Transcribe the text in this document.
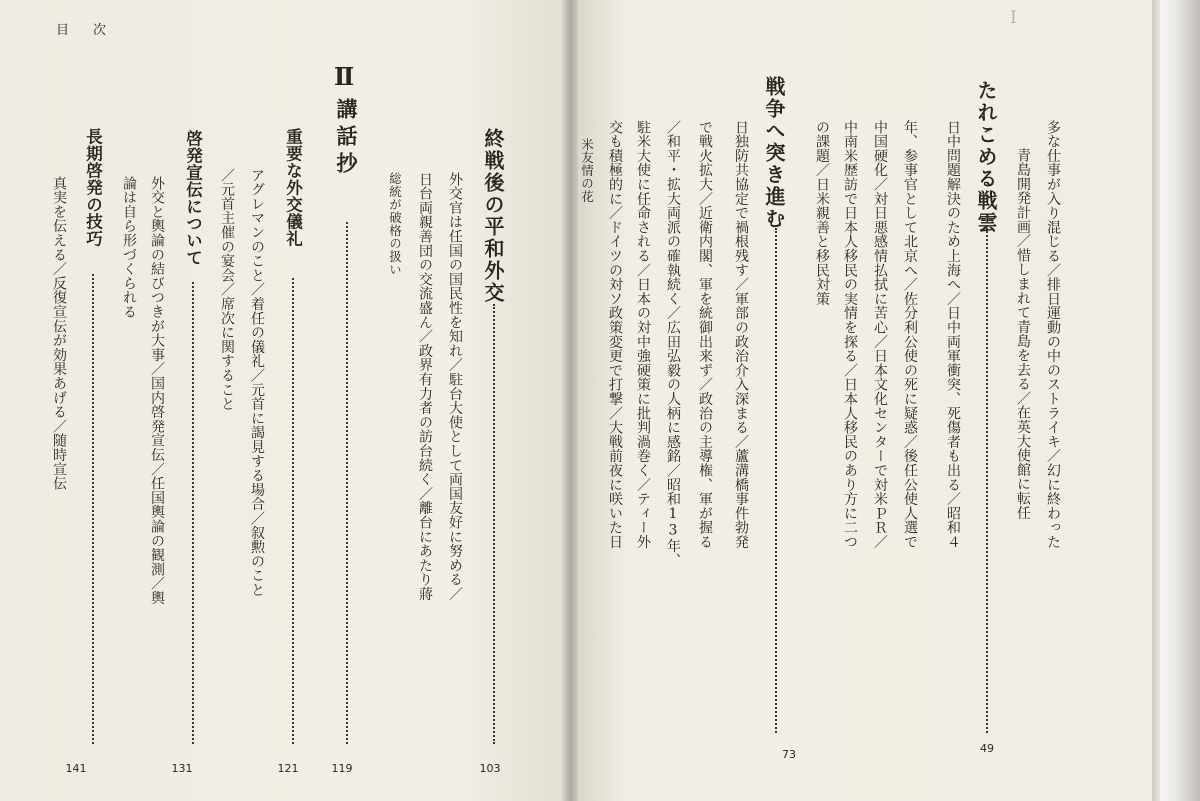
目次
Ⅰ
多な仕事が入り混じる／排日運動の中のストライキ／幻に終わった
青島開発計画／惜しまれて青島を去る／在英大使館に転任
たれこめる戦雲
49
日中問題解決のため上海へ／日中両軍衝突、死傷者も出る／昭和４
年、参事官として北京へ／佐分利公使の死に疑惑／後任公使人選で
中国硬化／対日悪感情払拭に苦心／日本文化センターで対米ＰＲ／
中南米歴訪で日本人移民の実情を探る／日本人移民のあり方に二つ
の課題／日米親善と移民対策
戦争へ突き進む
73
日独防共協定で禍根残す／軍部の政治介入深まる／蘆溝橋事件勃発
で戦火拡大／近衛内閣、軍を統御出来ず／政治の主導権、軍が握る
／和平・拡大両派の確執続く／広田弘毅の人柄に感銘／昭和13年、
駐米大使に任命される／日本の対中強硬策に批判渦巻く／ティー外
交も積極的に／ドイツの対ソ政策変更で打撃／大戦前夜に咲いた日
米友情の花
終戦後の平和外交
103
外交官は任国の国民性を知れ／駐台大使として両国友好に努める／
日台両親善団の交流盛ん／政界有力者の訪台続く／離台にあたり蔣
総統が破格の扱い
Ⅱ
講話抄
119
重要な外交儀礼
121
アグレマンのこと／着任の儀礼／元首に謁見する場合／叙勲のこと
／元首主催の宴会／席次に関すること
啓発宣伝について
131
外交と輿論の結びつきが大事／国内啓発宣伝／任国輿論の観測／輿
論は自ら形づくられる
長期啓発の技巧
141
真実を伝える／反復宣伝が効果あげる／随時宣伝
